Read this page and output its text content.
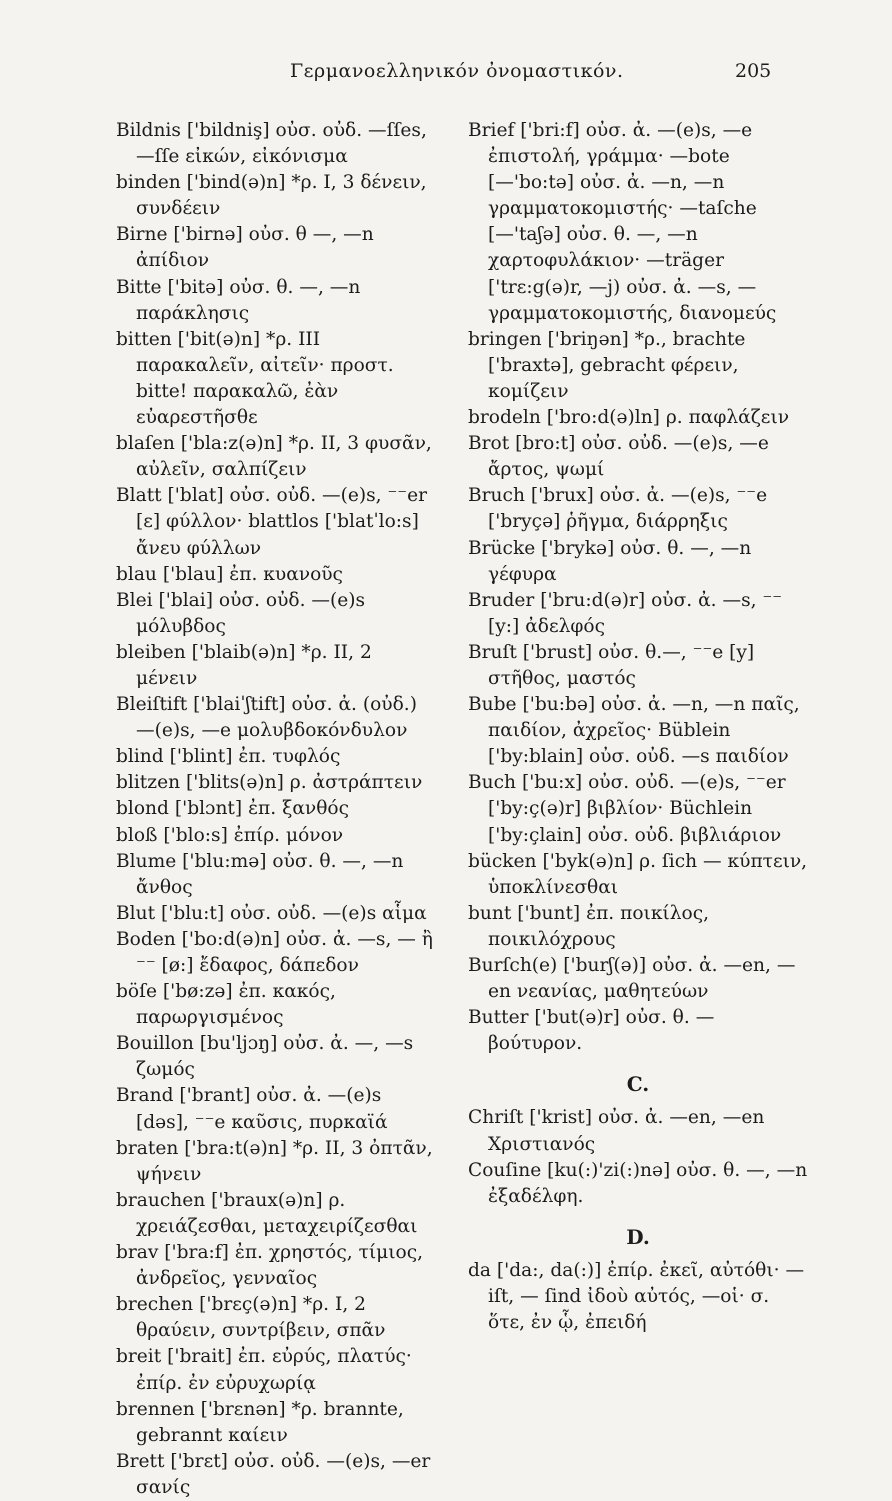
Γερμανοελληνικόν ὀνομαστικόν.	205

Bildnis ['bildniş] οὐσ. οὐδ. —ſſes, —ſſe εἰκών, εἰκόνισμα

binden ['bind(ə)n] *ρ. I, 3 δένειν, συνδέειν

Birne ['birnə] οὐσ. θ —, —n ἀπίδιον

Bitte ['bitə] οὐσ. θ. —, —n παράκλησις

bitten ['bit(ə)n] *ρ. III παρακαλεῖν, αἰτεῖν· προστ. bitte! παρακαλῶ, ἐὰν εὐαρεστῆσθε

blaſen ['bla:z(ə)n] *ρ. II, 3 φυσᾶν, αὐλεῖν, σαλπίζειν

Blatt ['blat] οὐσ. οὐδ. —(e)s, ⁻⁻er [ɛ] φύλλον· blattlos ['blatˈlo:s] ἄνευ φύλλων

blau ['blau] ἐπ. κυανοῦς

Blei ['blai] οὐσ. οὐδ. —(e)s μόλυβδος

bleiben ['blaib(ə)n] *ρ. II, 2 μένειν

Bleiſtift ['blaiˈʃtift] οὐσ. ἀ. (οὐδ.) —(e)s, —e μολυβδοκόνδυλον

blind ['blint] ἐπ. τυφλός

blitzen ['blits(ə)n] ρ. ἀστράπτειν

blond ['blɔnt] ἐπ. ξανθός

bloß ['blo:s] ἐπίρ. μόνον

Blume ['blu:mə] οὐσ. θ. —, —n ἄνθος

Blut ['blu:t] οὐσ. οὐδ. —(e)s αἷμα

Boden ['bo:d(ə)n] οὐσ. ἀ. —s, — ἢ ⁻⁻ [ø:] ἔδαφος, δάπεδον

böſe ['bø:zə] ἐπ. κακός, παρωργισμένος

Bouillon [bu'ljɔŋ] οὐσ. ἀ. —, —s ζωμός

Brand ['brant] οὐσ. ἀ. —(e)s [dəs], ⁻⁻e καῦσις, πυρκαϊά

braten ['bra:t(ə)n] *ρ. II, 3 ὀπτᾶν, ψήνειν

brauchen ['braux(ə)n] ρ. χρειάζεσθαι, μεταχειρίζεσθαι

brav ['bra:f] ἐπ. χρηστός, τίμιος, ἀνδρεῖος, γενναῖος

brechen ['brɛç(ə)n] *ρ. I, 2 θραύειν, συντρίβειν, σπᾶν

breit ['brait] ἐπ. εὐρύς, πλατύς· ἐπίρ. ἐν εὐρυχωρίᾳ

brennen ['brɛnən] *ρ. brannte, gebrannt καίειν

Brett ['brɛt] οὐσ. οὐδ. —(e)s, —er σανίς

Brief ['bri:f] οὐσ. ἀ. —(e)s, —e ἐπιστολή, γράμμα· —bote [—'bo:tə] οὐσ. ἀ. —n, —n γραμματοκομιστής· —taſche [—'taʃə] οὐσ. θ. —, —n χαρτοφυλάκιον· —träger ['trɛ:g(ə)r, —j) οὐσ. ἀ. —s, — γραμματοκομιστής, διανομεύς

bringen ['briŋən] *ρ., brachte ['braxtə], gebracht φέρειν, κομίζειν

brodeln ['bro:d(ə)ln] ρ. παφλάζειν

Brot [bro:t] οὐσ. οὐδ. —(e)s, —e ἄρτος, ψωμί

Bruch ['brux] οὐσ. ἀ. —(e)s, ⁻⁻e ['bryçə] ῥῆγμα, διάρρηξις

Brücke ['brykə] οὐσ. θ. —, —n γέφυρα

Bruder ['bru:d(ə)r] οὐσ. ἀ. —s, ⁻⁻ [y:] ἀδελφός

Bruſt ['brust] οὐσ. θ.—, ⁻⁻e [y] στῆθος, μαστός

Bube ['bu:bə] οὐσ. ἀ. —n, —n παῖς, παιδίον, ἀχρεῖος· Büblein ['by:blain] οὐσ. οὐδ. —s παιδίον

Buch ['bu:x] οὐσ. οὐδ. —(e)s, ⁻⁻er ['by:ç(ə)r] βιβλίον· Büchlein ['by:çlain] οὐσ. οὐδ. βιβλιάριον

bücken ['byk(ə)n] ρ. ſich — κύπτειν, ὑποκλίνεσθαι

bunt ['bunt] ἐπ. ποικίλος, ποικιλόχρους

Burſch(e) ['burʃ(ə)] οὐσ. ἀ. —en, —en νεανίας, μαθητεύων

Butter ['but(ə)r] οὐσ. θ. — βούτυρον.

C.

Chriſt ['krist] οὐσ. ἀ. —en, —en Χριστιανός

Couſine [ku(:)'zi(:)nə] οὐσ. θ. —, —n ἐξαδέλφη.

D.

da ['da:, da(:)] ἐπίρ. ἐκεῖ, αὐτόθι· — iſt, — ſind ἰδοὺ αὐτός, —οἱ· σ. ὅτε, ἐν ᾧ, ἐπειδή
